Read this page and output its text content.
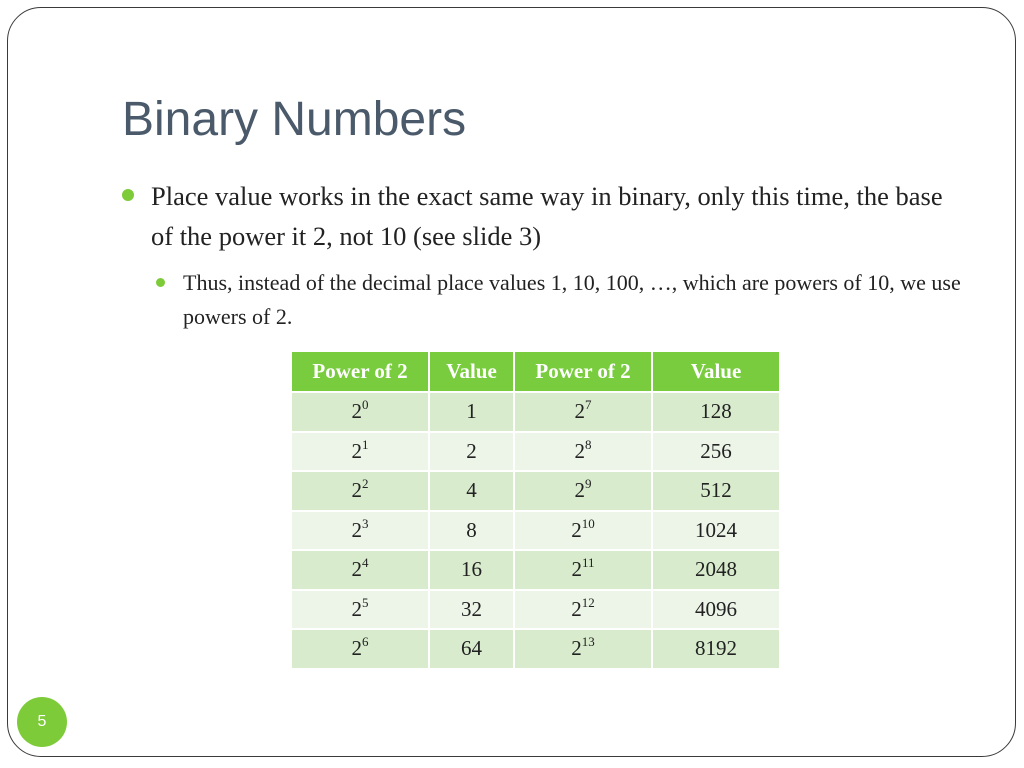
Binary Numbers
Place value works in the exact same way in binary, only this time, the base of the power it 2, not 10 (see slide 3)
Thus, instead of the decimal place values 1, 10, 100, …, which are powers of 10, we use powers of 2.
Power of 2	Value	Power of 2	Value
$2^0$	1	$2^7$	128
$2^1$	2	$2^8$	256
$2^2$	4	$2^9$	512
$2^3$	8	$2^{10}$	1024
$2^4$	16	$2^{11}$	2048
$2^5$	32	$2^{12}$	4096
$2^6$	64	$2^{13}$	8192
5
